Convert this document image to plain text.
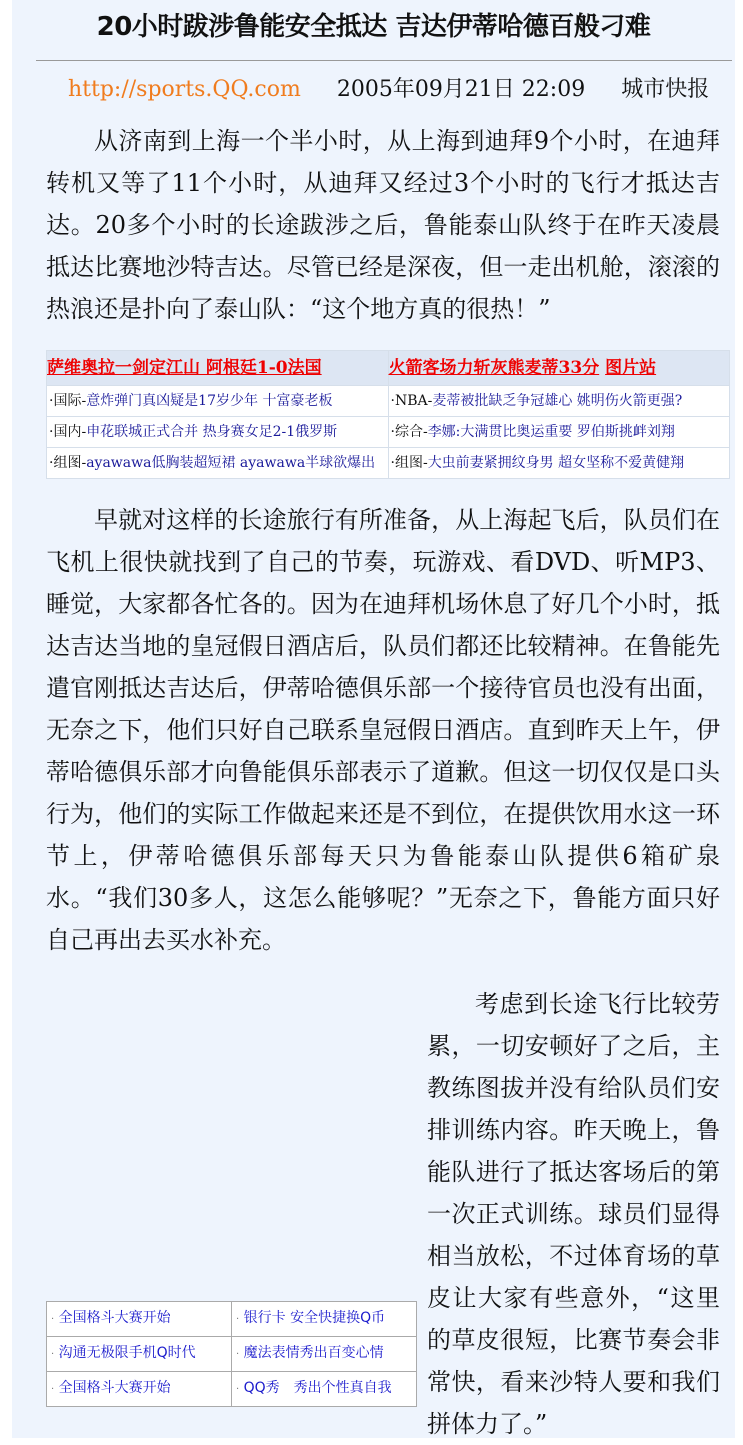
20小时跋涉鲁能安全抵达 吉达伊蒂哈德百般刁难
http://sports.QQ.com 2005年09月21日 22:09 城市快报

从济南到上海一个半小时，从上海到迪拜9个小时，在迪拜转机又等了11个小时，从迪拜又经过3个小时的飞行才抵达吉达。20多个小时的长途跋涉之后，鲁能泰山队终于在昨天凌晨抵达比赛地沙特吉达。尽管已经是深夜，但一走出机舱，滚滚的热浪还是扑向了泰山队：“这个地方真的很热！”

萨维奥拉一剑定江山 阿根廷1-0法国	火箭客场力斩灰熊麦蒂33分 图片站
·国际-意炸弹门真凶疑是17岁少年 十富豪老板	·NBA-麦蒂被批缺乏争冠雄心 姚明伤火箭更强?
·国内-申花联城正式合并 热身赛女足2-1俄罗斯	·综合-李娜:大满贯比奥运重要 罗伯斯挑衅刘翔
·组图-ayawawa低胸装超短裙 ayawawa半球欲爆出	·组图-大虫前妻紧拥纹身男 超女坚称不爱黄健翔

早就对这样的长途旅行有所准备，从上海起飞后，队员们在飞机上很快就找到了自己的节奏，玩游戏、看DVD、听MP3、睡觉，大家都各忙各的。因为在迪拜机场休息了好几个小时，抵达吉达当地的皇冠假日酒店后，队员们都还比较精神。在鲁能先遣官刚抵达吉达后，伊蒂哈德俱乐部一个接待官员也没有出面，无奈之下，他们只好自己联系皇冠假日酒店。直到昨天上午，伊蒂哈德俱乐部才向鲁能俱乐部表示了道歉。但这一切仅仅是口头行为，他们的实际工作做起来还是不到位，在提供饮用水这一环节上，伊蒂哈德俱乐部每天只为鲁能泰山队提供6箱矿泉水。“我们30多人，这怎么能够呢？”无奈之下，鲁能方面只好自己再出去买水补充。

· 全国格斗大赛开始	· 银行卡 安全快捷换Q币
· 沟通无极限手机Q时代	· 魔法表情秀出百变心情
· 全国格斗大赛开始	· QQ秀　秀出个性真自我

考虑到长途飞行比较劳累，一切安顿好了之后，主教练图拔并没有给队员们安排训练内容。昨天晚上，鲁能队进行了抵达客场后的第一次正式训练。球员们显得相当放松，不过体育场的草皮让大家有些意外，“这里的草皮很短，比赛节奏会非常快，看来沙特人要和我们拼体力了。”
